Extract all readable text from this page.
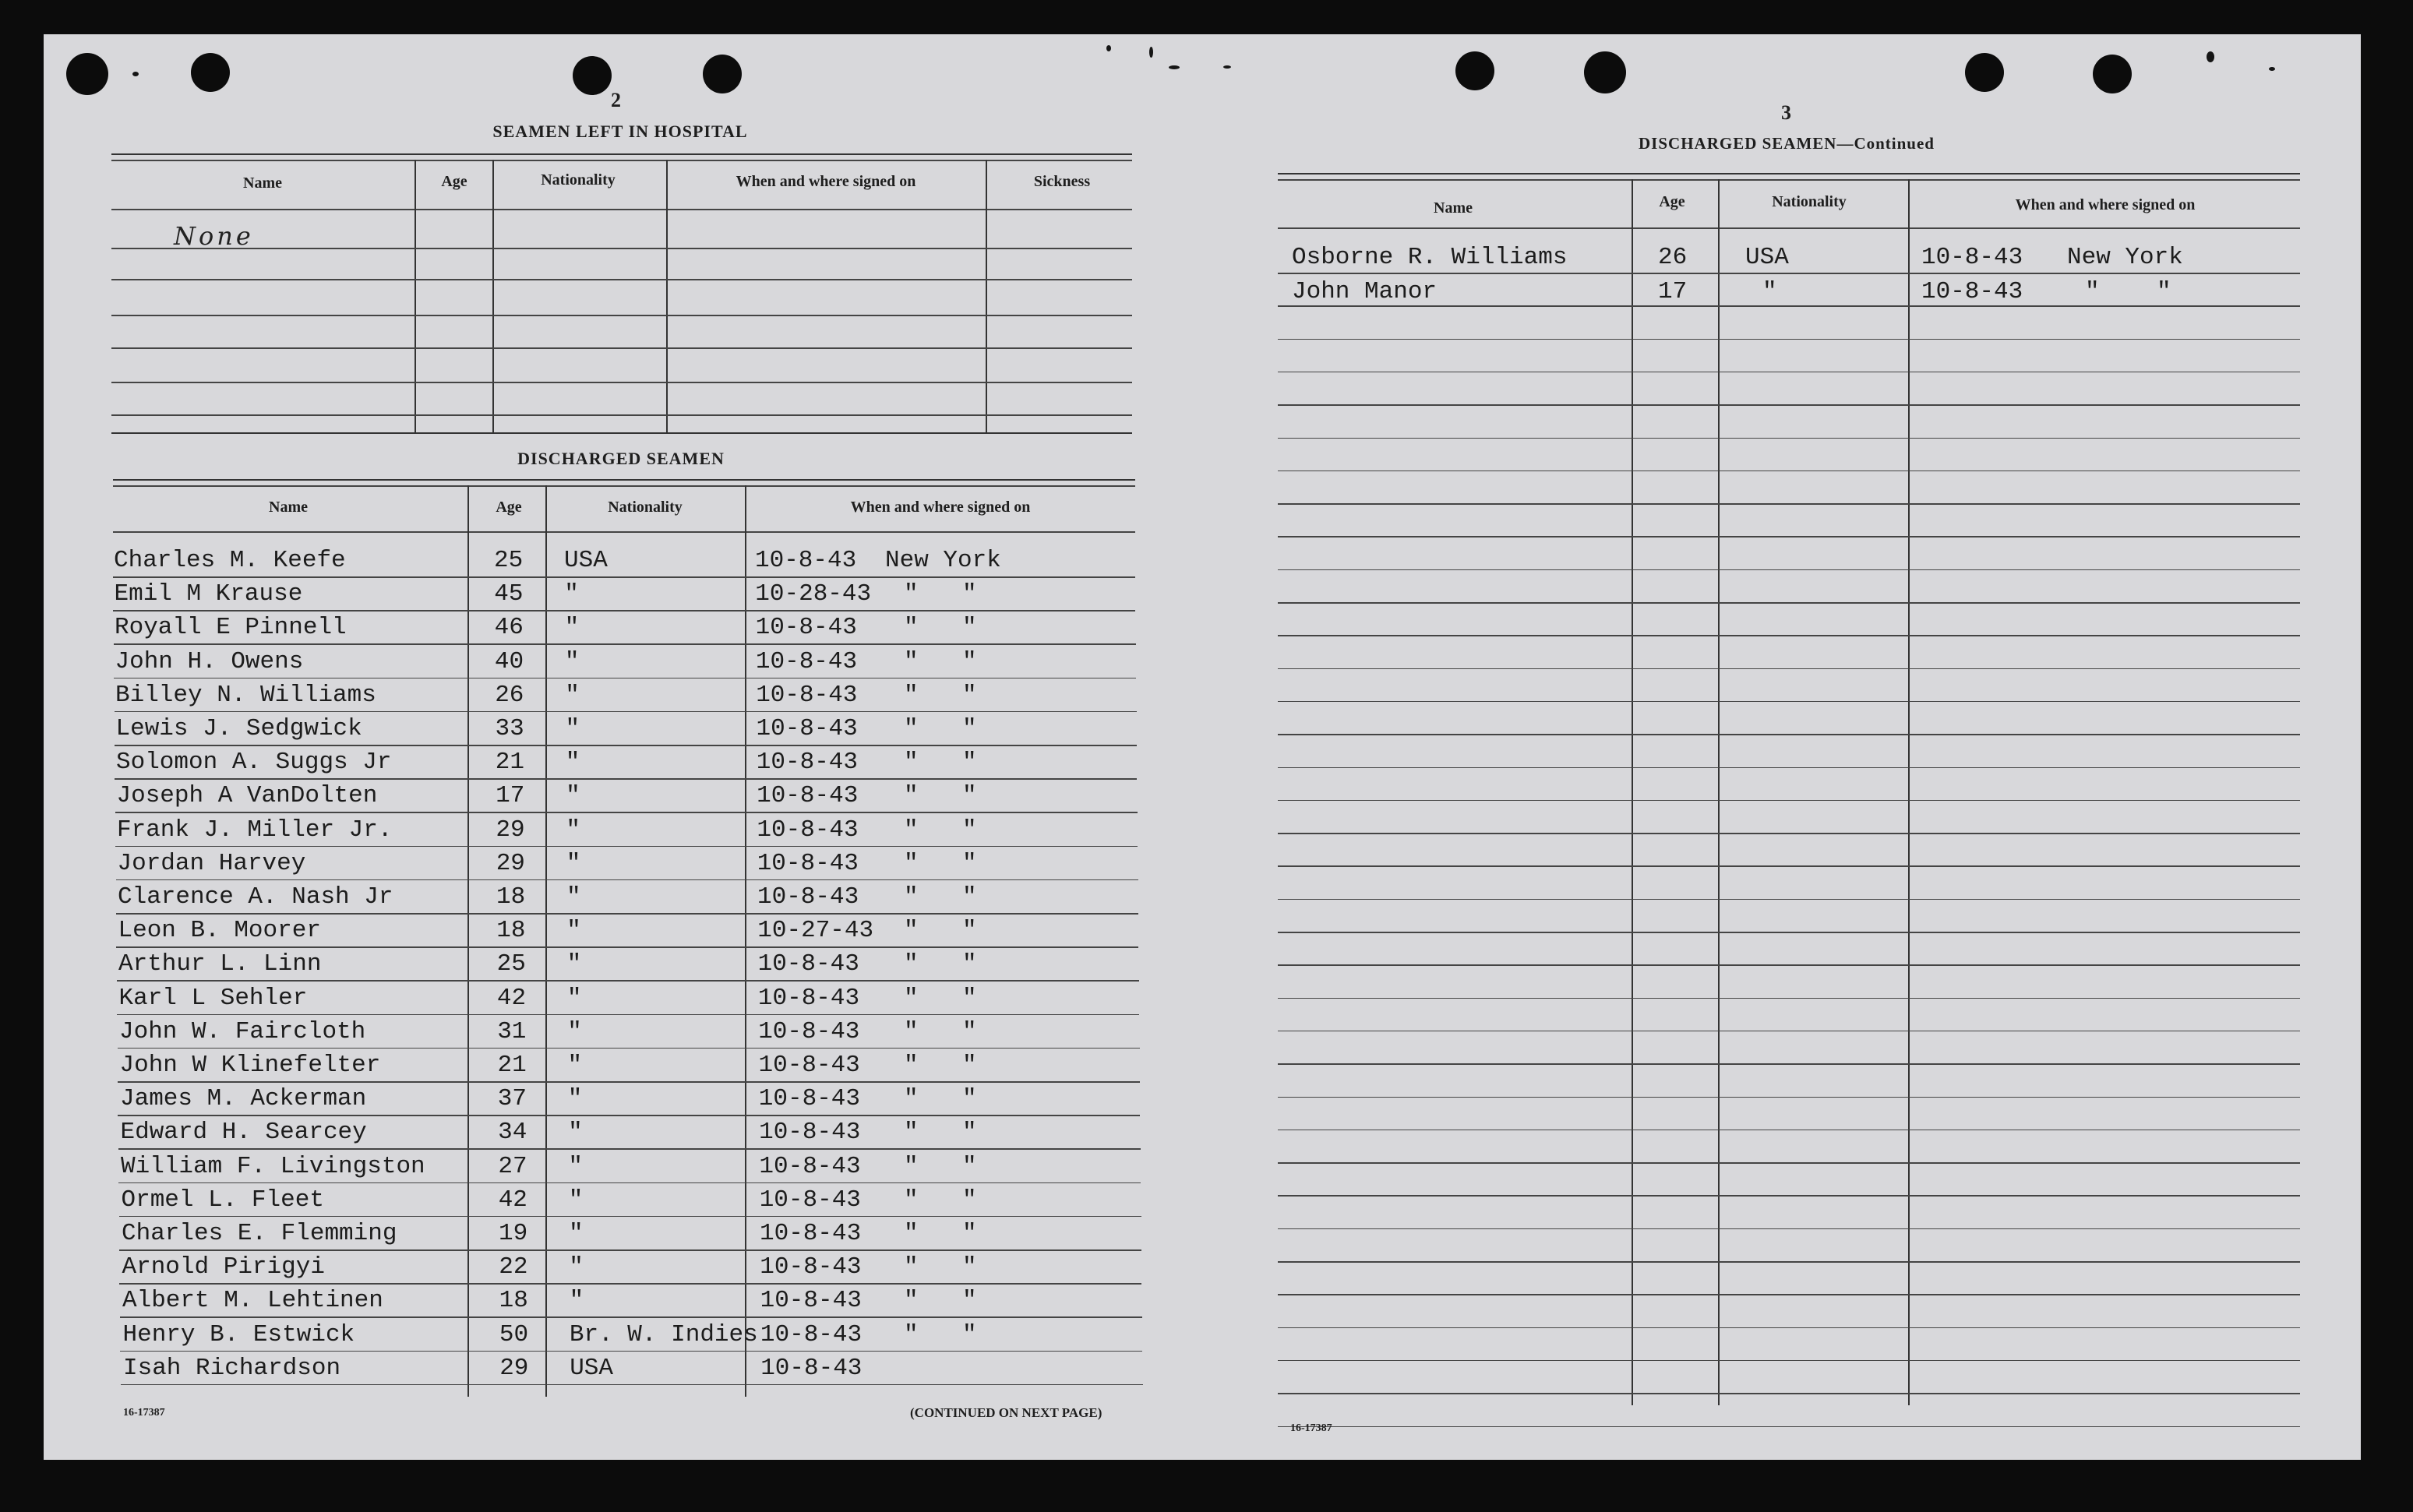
2
SEAMEN LEFT IN HOSPITAL
Name	Age	Nationality	When and where signed on	Sickness
None
DISCHARGED SEAMEN
Name	Age	Nationality	When and where signed on
Charles M. Keefe	25 USA	10-8-43 New York
Emil M Krause	45 "	10-28-43 " "
Royall E Pinnell	46 "	10-8-43 " "
John H. Owens	40 "	10-8-43 " "
Billey N. Williams	26 "	10-8-43 " "
Lewis J. Sedgwick	33 "	10-8-43 " "
Solomon A. Suggs Jr	21 "	10-8-43 " "
Joseph A VanDolten	17 "	10-8-43 " "
Frank J. Miller Jr.	29 "	10-8-43 " "
Jordan Harvey	29 "	10-8-43 " "
Clarence A. Nash Jr	18 "	10-8-43 " "
Leon B. Moorer	18 "	10-27-43 " "
Arthur L. Linn	25 "	10-8-43 " "
Karl L Sehler	42 "	10-8-43 " "
John W. Faircloth	31 "	10-8-43 " "
John W Klinefelter	21 "	10-8-43 " "
James M. Ackerman	37 "	10-8-43 " "
Edward H. Searcey	34 "	10-8-43 " "
William F. Livingston	27 "	10-8-43 " "
Ormel L. Fleet	42 "	10-8-43 " "
Charles E. Flemming	19 "	10-8-43 " "
Arnold Pirigyi	22 "	10-8-43 " "
Albert M. Lehtinen	18 "	10-8-43 " "
Henry B. Estwick	50 Br. W. Indies 10-8-43 " "
Isah Richardson	29 USA	10-8-43
16-17387	(CONTINUED ON NEXT PAGE)
3
DISCHARGED SEAMEN—Continued
Name	Age	Nationality	When and where signed on
Osborne R. Williams	26 USA	10-8-43 New York
John Manor	17	"	10-8-43	" "
16-17387
